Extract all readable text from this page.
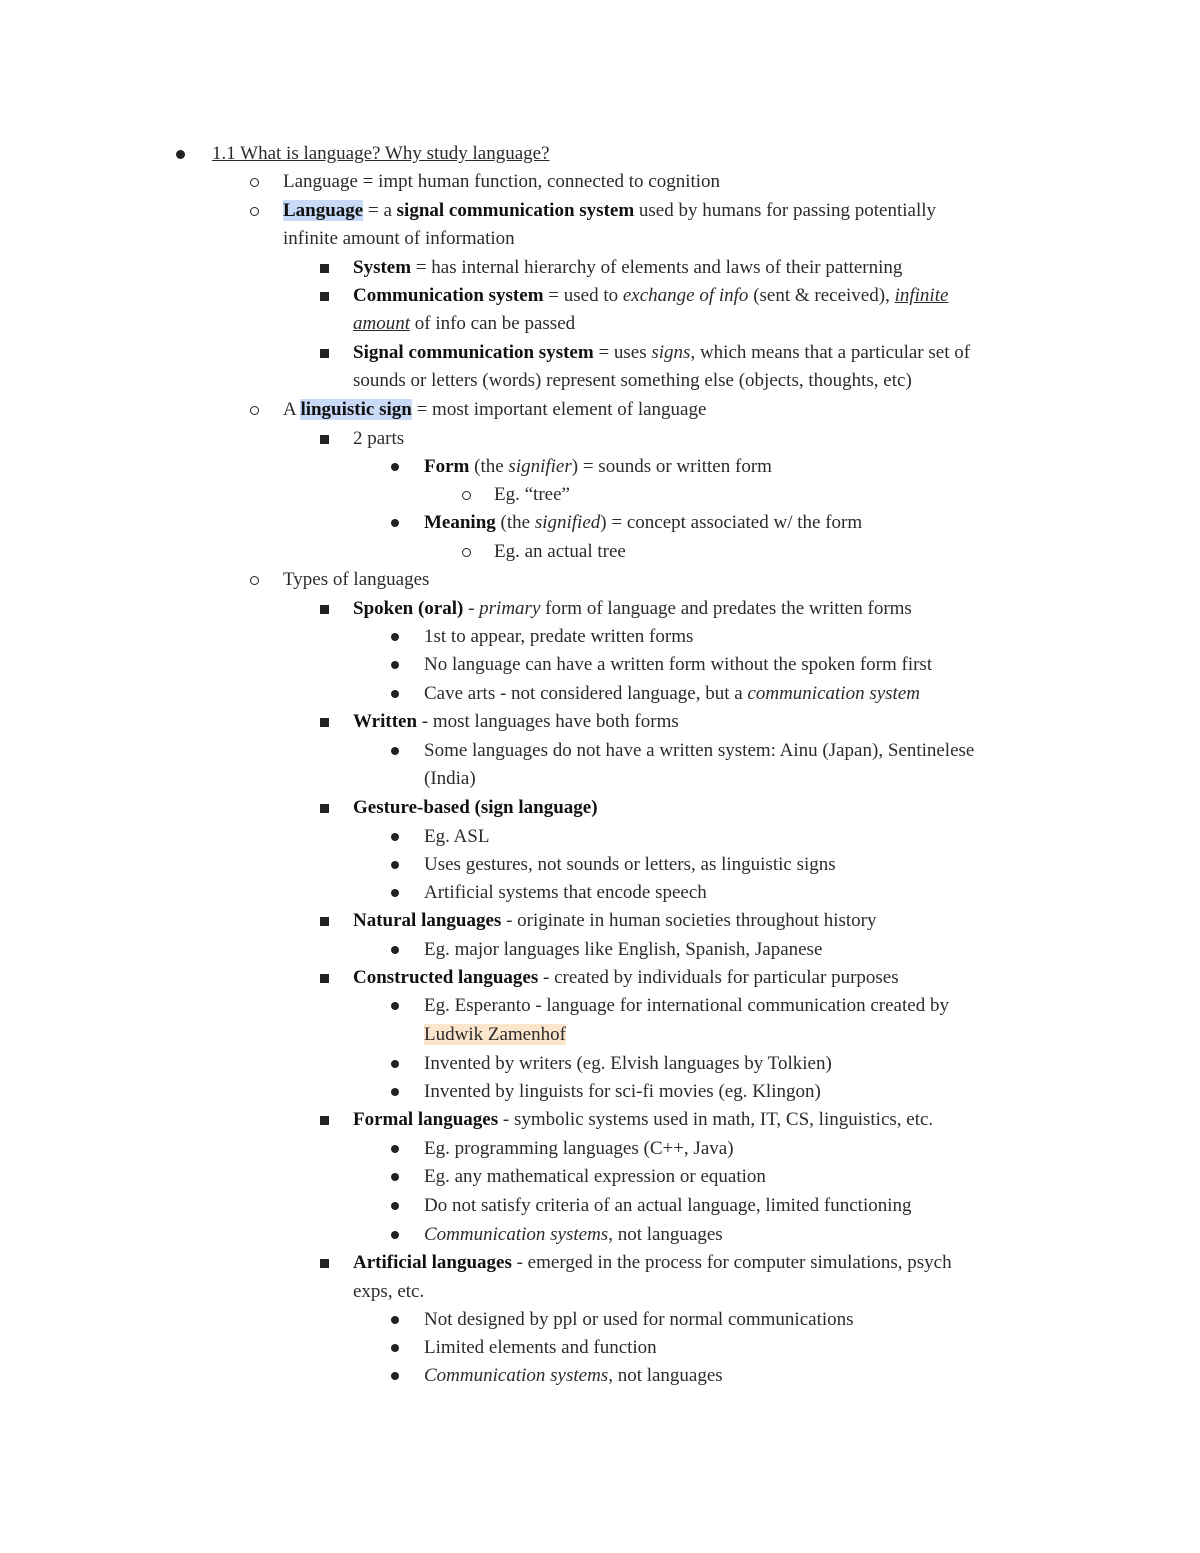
1.1 What is language? Why study language?
Language = impt human function, connected to cognition
Language = a signal communication system used by humans for passing potentially
infinite amount of information
System = has internal hierarchy of elements and laws of their patterning
Communication system = used to exchange of info (sent & received), infinite
amount of info can be passed
Signal communication system = uses signs, which means that a particular set of
sounds or letters (words) represent something else (objects, thoughts, etc)
A linguistic sign = most important element of language
2 parts
Form (the signifier) = sounds or written form
Eg. “tree”
Meaning (the signified) = concept associated w/ the form
Eg. an actual tree
Types of languages
Spoken (oral) - primary form of language and predates the written forms
1st to appear, predate written forms
No language can have a written form without the spoken form first
Cave arts - not considered language, but a communication system
Written - most languages have both forms
Some languages do not have a written system: Ainu (Japan), Sentinelese
(India)
Gesture-based (sign language)
Eg. ASL
Uses gestures, not sounds or letters, as linguistic signs
Artificial systems that encode speech
Natural languages - originate in human societies throughout history
Eg. major languages like English, Spanish, Japanese
Constructed languages - created by individuals for particular purposes
Eg. Esperanto - language for international communication created by
Ludwik Zamenhof
Invented by writers (eg. Elvish languages by Tolkien)
Invented by linguists for sci-fi movies (eg. Klingon)
Formal languages - symbolic systems used in math, IT, CS, linguistics, etc.
Eg. programming languages (C++, Java)
Eg. any mathematical expression or equation
Do not satisfy criteria of an actual language, limited functioning
Communication systems, not languages
Artificial languages - emerged in the process for computer simulations, psych
exps, etc.
Not designed by ppl or used for normal communications
Limited elements and function
Communication systems, not languages
